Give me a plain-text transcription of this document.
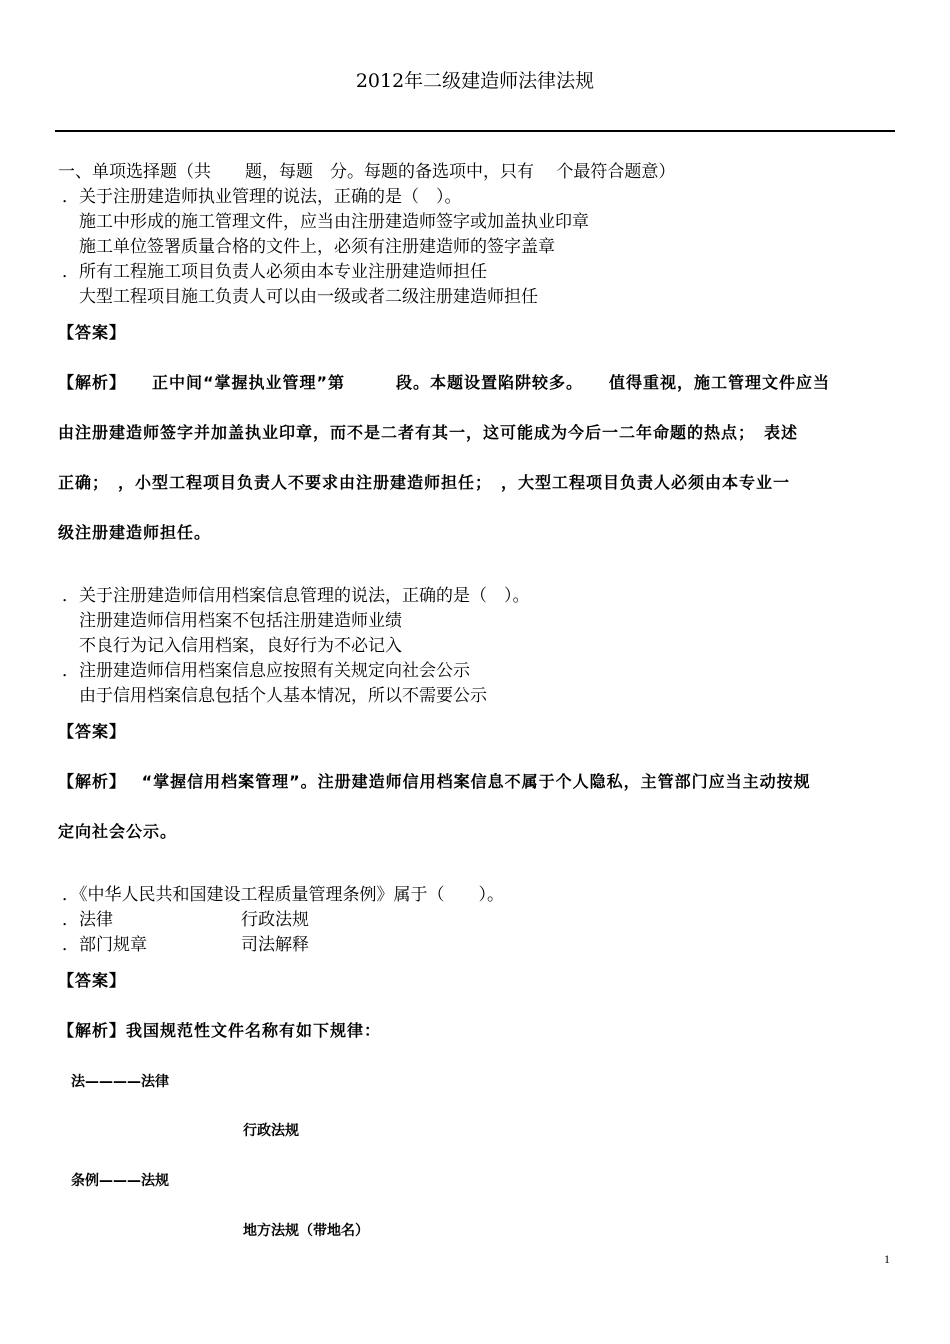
2012年二级建造师法律法规
一、单项选择题（共　　题，每题　分。每题的备选项中，只有　 个最符合题意）
．关于注册建造师执业管理的说法，正确的是（　）。
　施工中形成的施工管理文件，应当由注册建造师签字或加盖执业印章
　施工单位签署质量合格的文件上，必须有注册建造师的签字盖章
．所有工程施工项目负责人必须由本专业注册建造师担任
　大型工程项目施工负责人可以由一级或者二级注册建造师担任
【答案】
【解析】　　正中间“掌握执业管理”第　　　段。本题设置陷阱较多。　　值得重视，施工管理文件应当
由注册建造师签字并加盖执业印章，而不是二者有其一，这可能成为今后一二年命题的热点；　表述
正确；　，小型工程项目负责人不要求由注册建造师担任；　，大型工程项目负责人必须由本专业一
级注册建造师担任。
．关于注册建造师信用档案信息管理的说法，正确的是（　）。
　注册建造师信用档案不包括注册建造师业绩
　不良行为记入信用档案，良好行为不必记入
．注册建造师信用档案信息应按照有关规定向社会公示
　由于信用档案信息包括个人基本情况，所以不需要公示
【答案】
【解析】　 “掌握信用档案管理”。注册建造师信用档案信息不属于个人隐私，主管部门应当主动按规
定向社会公示。
．《中华人民共和国建设工程质量管理条例》属于（　　）。
．法律	行政法规
．部门规章	司法解释
【答案】
【解析】我国规范性文件名称有如下规律：
法————法律
行政法规
条例———法规
地方法规（带地名）
1
